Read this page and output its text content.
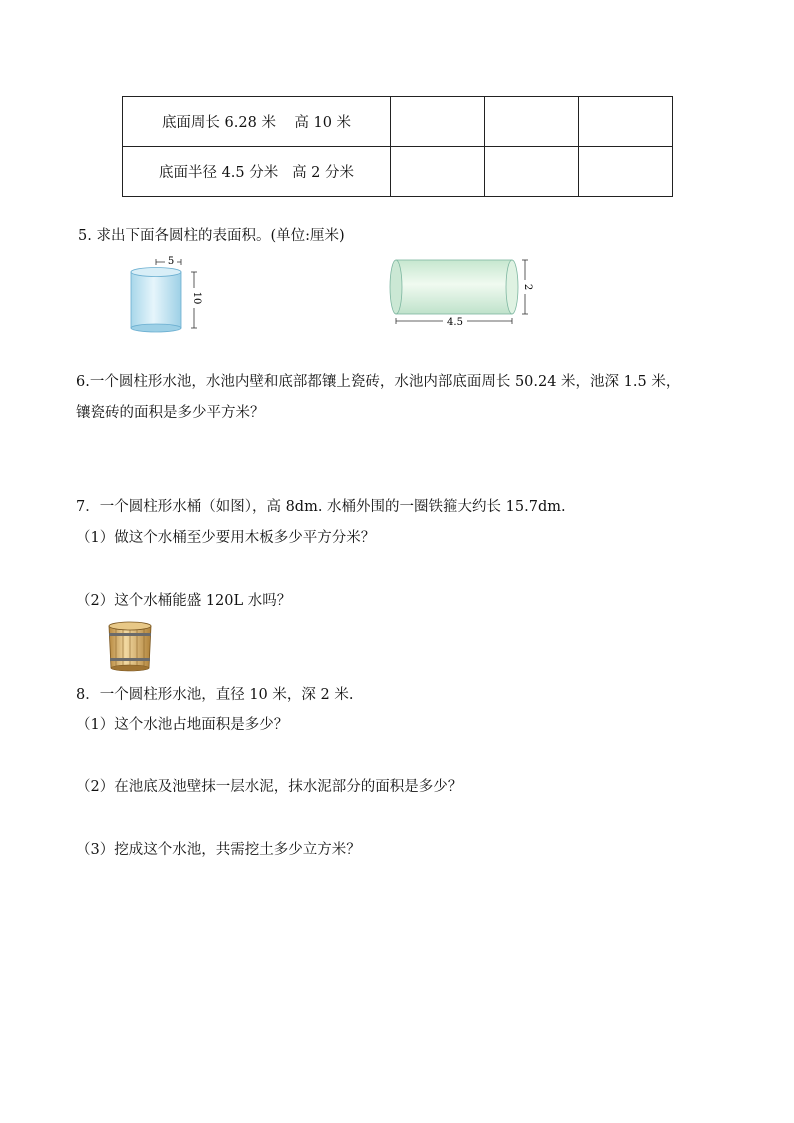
底面周长 6.28 米    高 10 米			
底面半径 4.5 分米   高 2 分米			
5. 求出下面各圆柱的表面积。(单位:厘米)
5
10
4.5
2
6.一个圆柱形水池，水池内壁和底部都镶上瓷砖，水池内部底面周长 50.24 米，池深 1.5 米，
镶瓷砖的面积是多少平方米？
7．一个圆柱形水桶（如图），高 8dm. 水桶外围的一圈铁箍大约长 15.7dm.
（1）做这个水桶至少要用木板多少平方分米？
（2）这个水桶能盛 120L 水吗？
8．一个圆柱形水池，直径 10 米，深 2 米.
（1）这个水池占地面积是多少？
（2）在池底及池壁抹一层水泥，抹水泥部分的面积是多少？
（3）挖成这个水池，共需挖土多少立方米？
